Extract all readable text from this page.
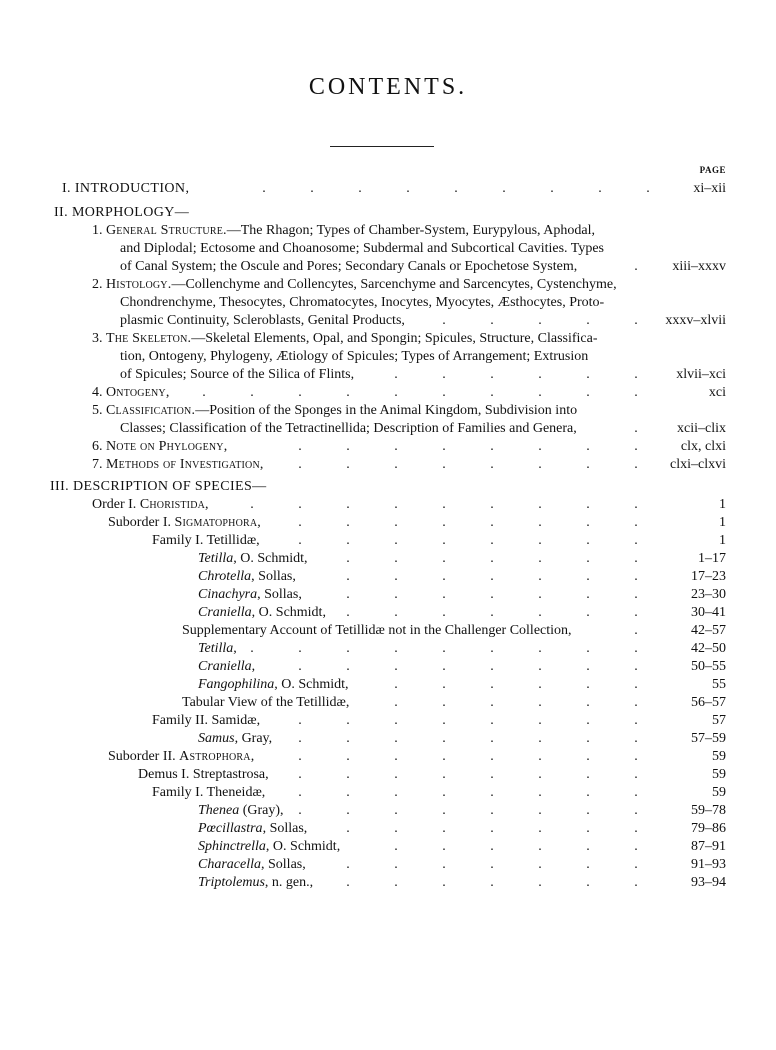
CONTENTS.
PAGE
I. INTRODUCTION,	.	.	.	.	.	.	.	.	.	xi–xii
II. MORPHOLOGY—
1. General Structure.—The Rhagon; Types of Chamber-System, Eurypylous, Aphodal,
and Diplodal; Ectosome and Choanosome; Subdermal and Subcortical Cavities. Types
of Canal System; the Oscule and Pores; Secondary Canals or Epochetose System,	.	xiii–xxxv
2. Histology.—Collenchyme and Collencytes, Sarcenchyme and Sarcencytes, Cystenchyme,
Chondrenchyme, Thesocytes, Chromatocytes, Inocytes, Myocytes, Æsthocytes, Proto-
plasmic Continuity, Scleroblasts, Genital Products,	.	.	.	.	.	xxxv–xlvii
3. The Skeleton.—Skeletal Elements, Opal, and Spongin; Spicules, Structure, Classifica-
tion, Ontogeny, Phylogeny, Ætiology of Spicules; Types of Arrangement; Extrusion
of Spicules; Source of the Silica of Flints,	.	.	.	.	.	.	xlvii–xci
4. Ontogeny,	.	.	.	.	.	.	.	.	.	.	xci
5. Classification.—Position of the Sponges in the Animal Kingdom, Subdivision into
Classes; Classification of the Tetractinellida; Description of Families and Genera,	.	xcii–clix
6. Note on Phylogeny,	.	.	.	.	.	.	.	.	clx, clxi
7. Methods of Investigation,	.	.	.	.	.	.	.	.	clxi–clxvi
III. DESCRIPTION OF SPECIES—
Order I. Choristida,	.	.	.	.	.	.	.	.	.	1
Suborder I. Sigmatophora,	.	.	.	.	.	.	.	.	1
Family I. Tetillidæ,	.	.	.	.	.	.	.	.	1
Tetilla, O. Schmidt,	.	.	.	.	.	.	.	1–17
Chrotella, Sollas,	.	.	.	.	.	.	.	17–23
Cinachyra, Sollas,	.	.	.	.	.	.	.	23–30
Craniella, O. Schmidt,	.	.	.	.	.	.	.	30–41
Supplementary Account of Tetillidæ not in the Challenger Collection,	.	42–57
Tetilla, .	.	.	.	.	.	.	.	.	42–50
Craniella,	.	.	.	.	.	.	.	.	50–55
Fangophilina, O. Schmidt,	.	.	.	.	.	.	55
Tabular View of the Tetillidæ,	.	.	.	.	.	.	56–57
Family II. Samidæ,	.	.	.	.	.	.	.	.	57
Samus, Gray,	.	.	.	.	.	.	.	.	57–59
Suborder II. Astrophora,	.	.	.	.	.	.	.	.	59
Demus I. Streptastrosa,	.	.	.	.	.	.	.	.	59
Family I. Theneidæ,	.	.	.	.	.	.	.	.	59
Thenea (Gray),	.	.	.	.	.	.	.	.	59–78
Pœcillastra, Sollas,	.	.	.	.	.	.	.	79–86
Sphinctrella, O. Schmidt,	.	.	.	.	.	.	87–91
Characella, Sollas,	.	.	.	.	.	.	.	91–93
Triptolemus, n. gen.,	.	.	.	.	.	.	.	93–94
